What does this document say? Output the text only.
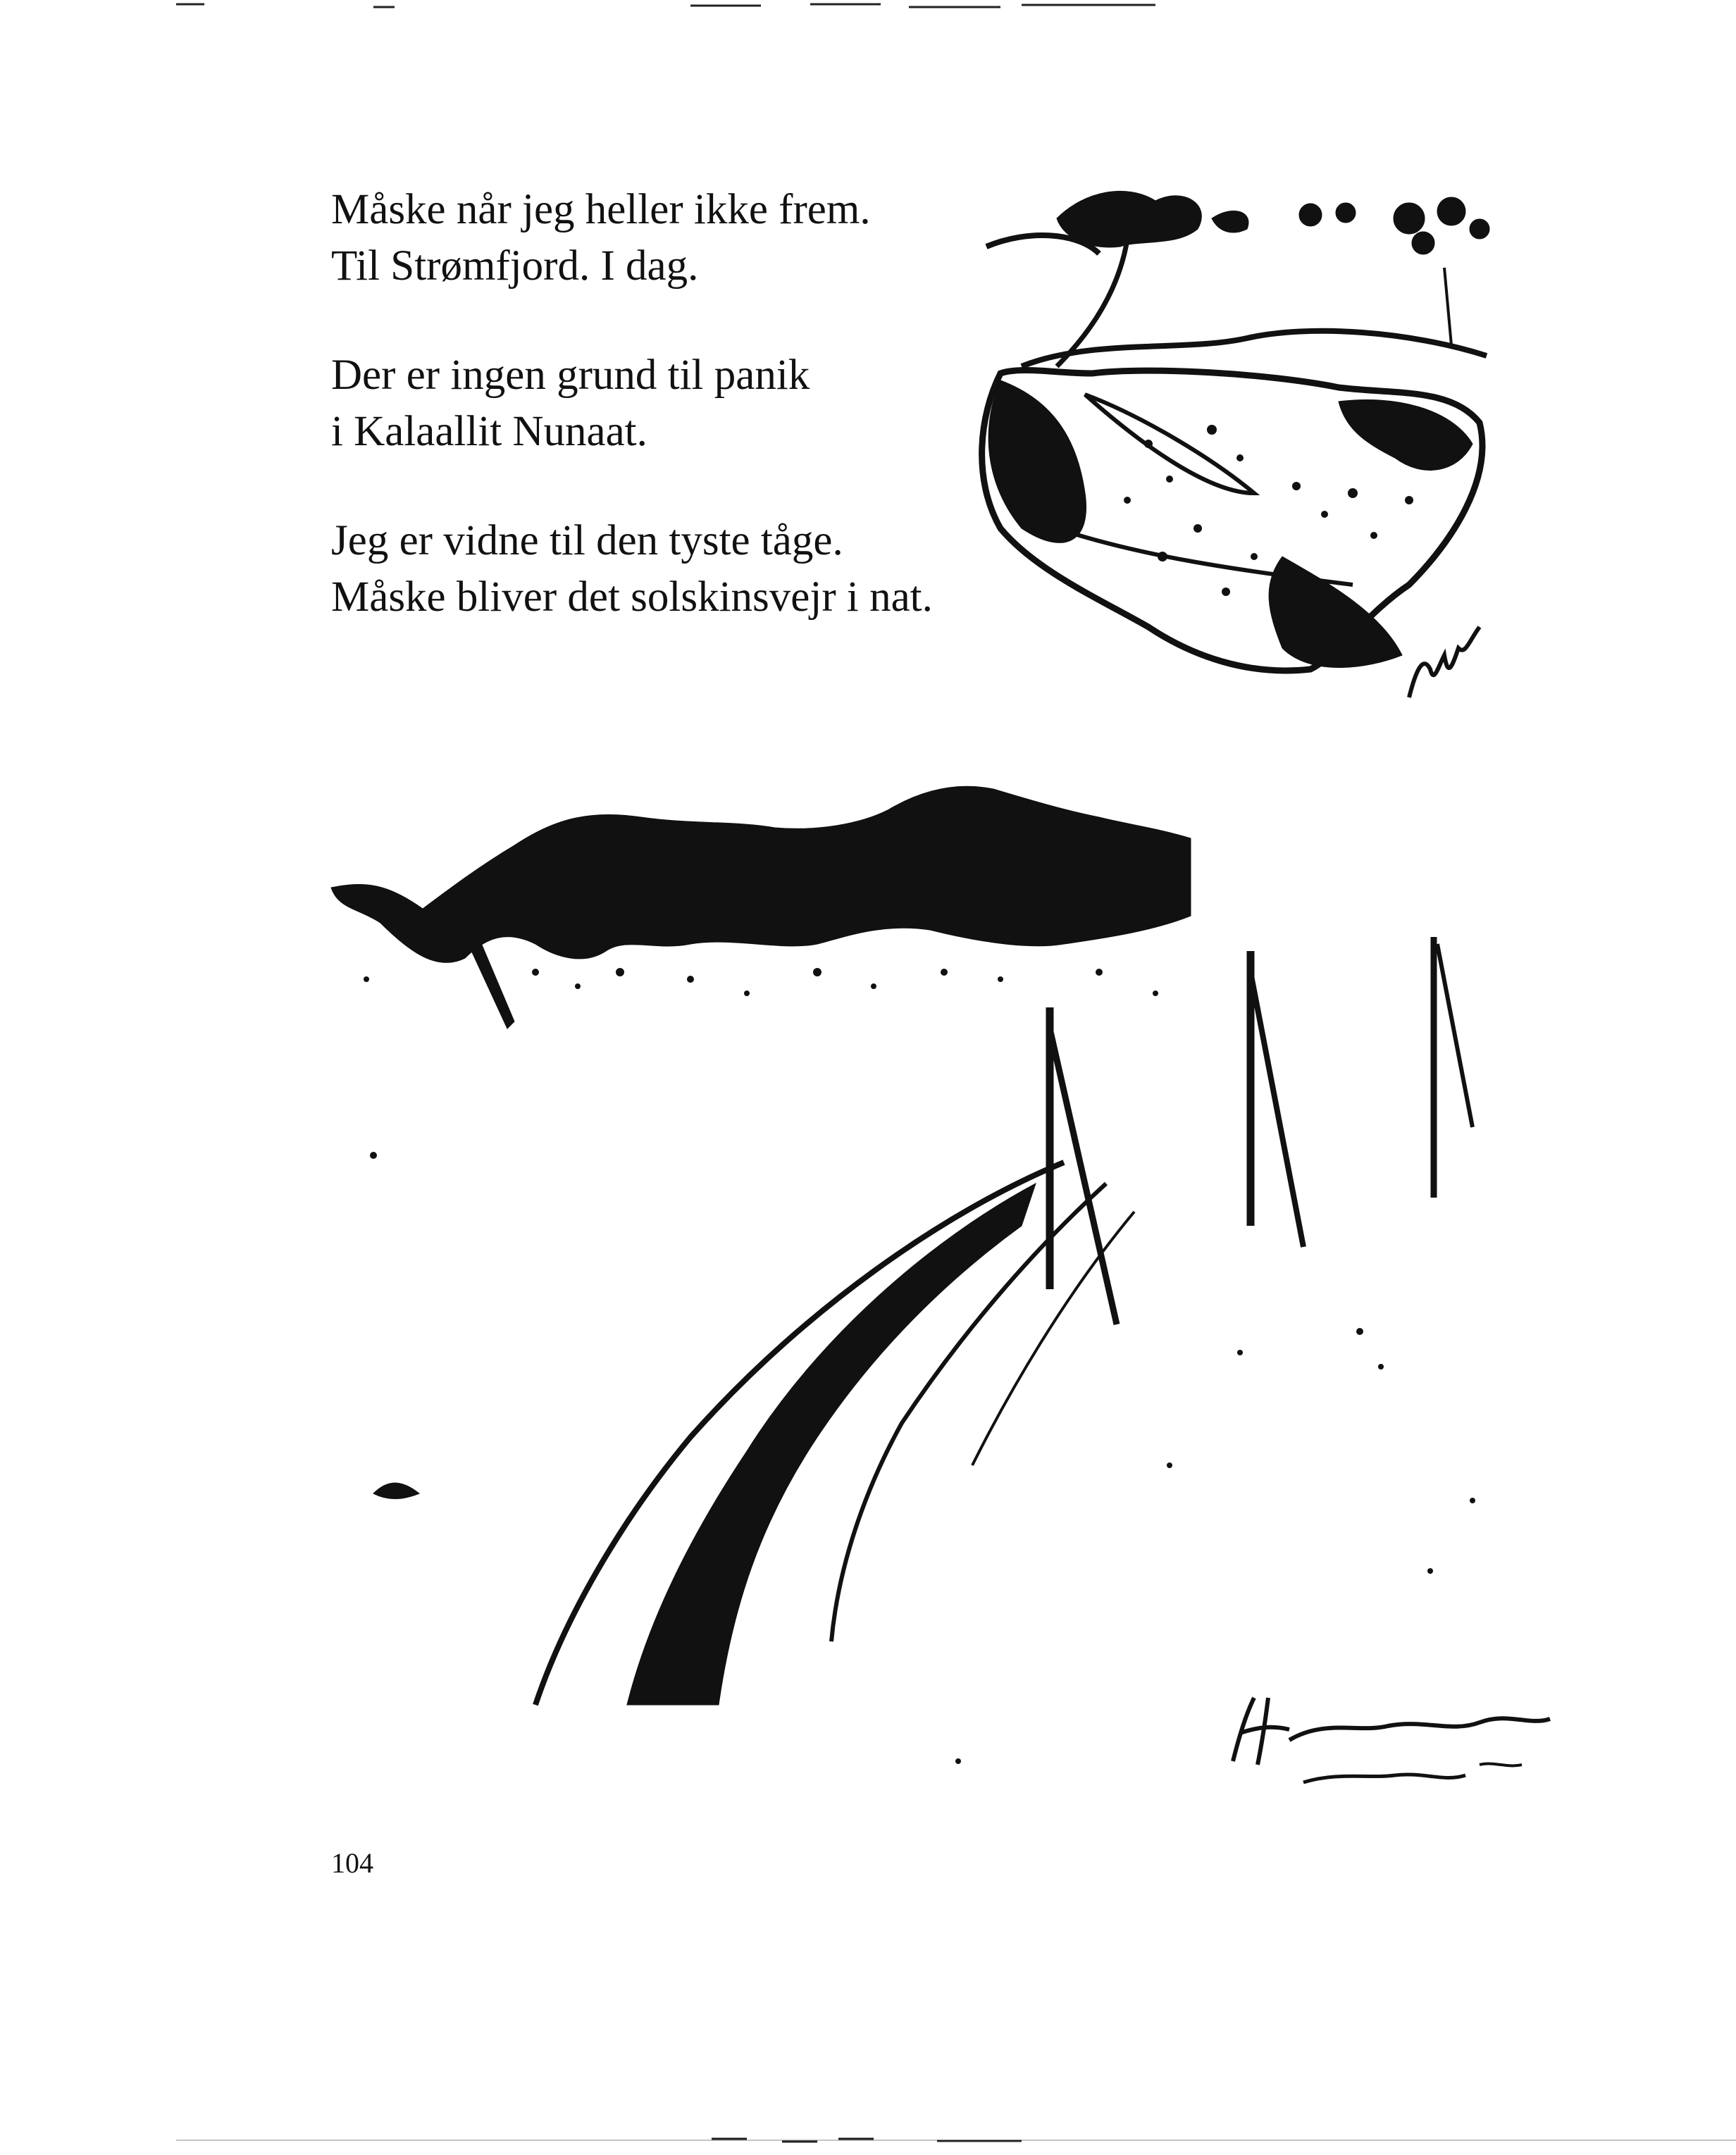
Måske når jeg heller ikke frem.
Til Strømfjord. I dag.
Der er ingen grund til panik
i Kalaallit Nunaat.
Jeg er vidne til den tyste tåge.
Måske bliver det solskinsvejr i nat.
104
